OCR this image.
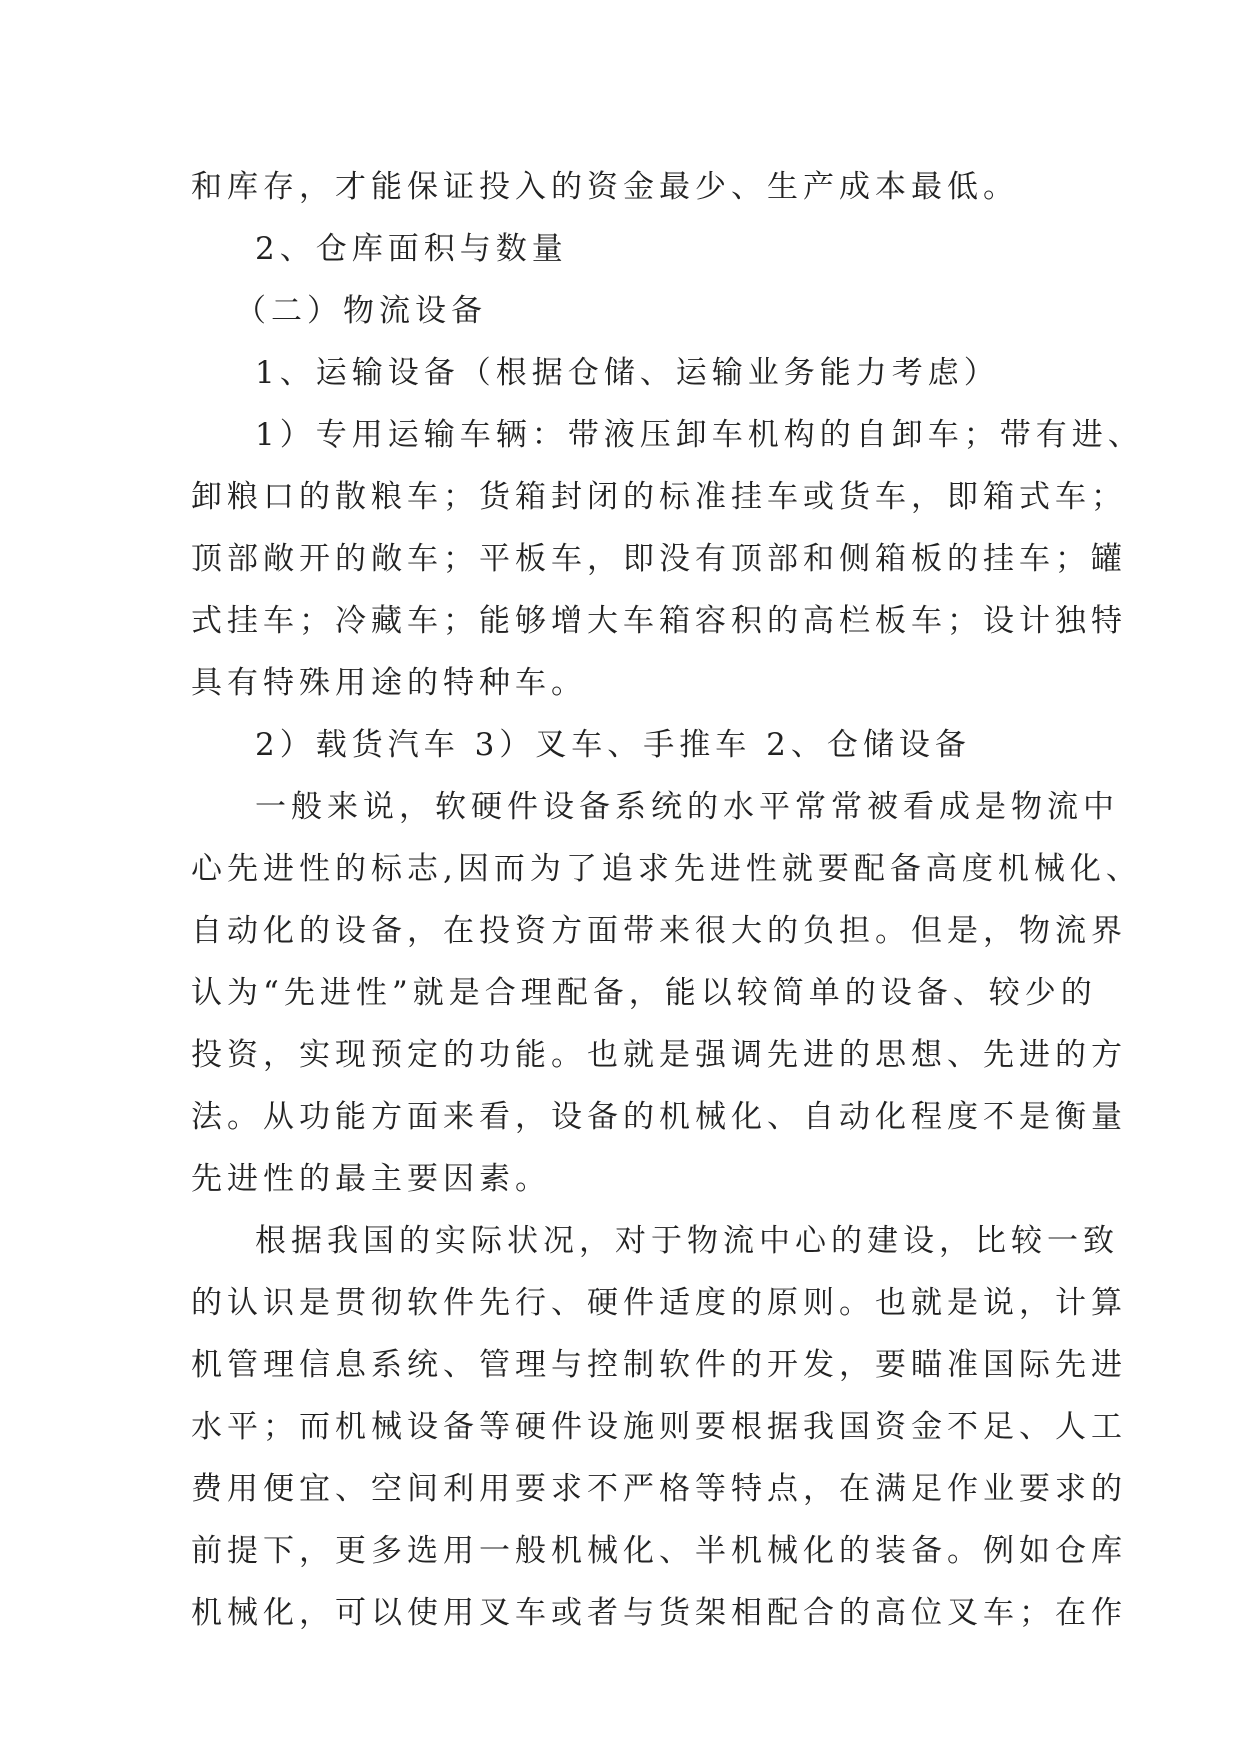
和库存，才能保证投入的资金最少、生产成本最低。
2、仓库面积与数量
（二）物流设备
1、运输设备（根据仓储、运输业务能力考虑）
1）专用运输车辆：带液压卸车机构的自卸车；带有进、
卸粮口的散粮车；货箱封闭的标准挂车或货车，即箱式车；
顶部敞开的敞车；平板车，即没有顶部和侧箱板的挂车；罐
式挂车；冷藏车；能够增大车箱容积的高栏板车；设计独特
具有特殊用途的特种车。
2）载货汽车 3）叉车、手推车 2、仓储设备
一般来说，软硬件设备系统的水平常常被看成是物流中
心先进性的标志,因而为了追求先进性就要配备高度机械化、
自动化的设备，在投资方面带来很大的负担。但是，物流界
认为“先进性”就是合理配备，能以较简单的设备、较少的
投资，实现预定的功能。也就是强调先进的思想、先进的方
法。从功能方面来看，设备的机械化、自动化程度不是衡量
先进性的最主要因素。
根据我国的实际状况，对于物流中心的建设，比较一致
的认识是贯彻软件先行、硬件适度的原则。也就是说，计算
机管理信息系统、管理与控制软件的开发，要瞄准国际先进
水平；而机械设备等硬件设施则要根据我国资金不足、人工
费用便宜、空间利用要求不严格等特点，在满足作业要求的
前提下，更多选用一般机械化、半机械化的装备。例如仓库
机械化，可以使用叉车或者与货架相配合的高位叉车；在作
